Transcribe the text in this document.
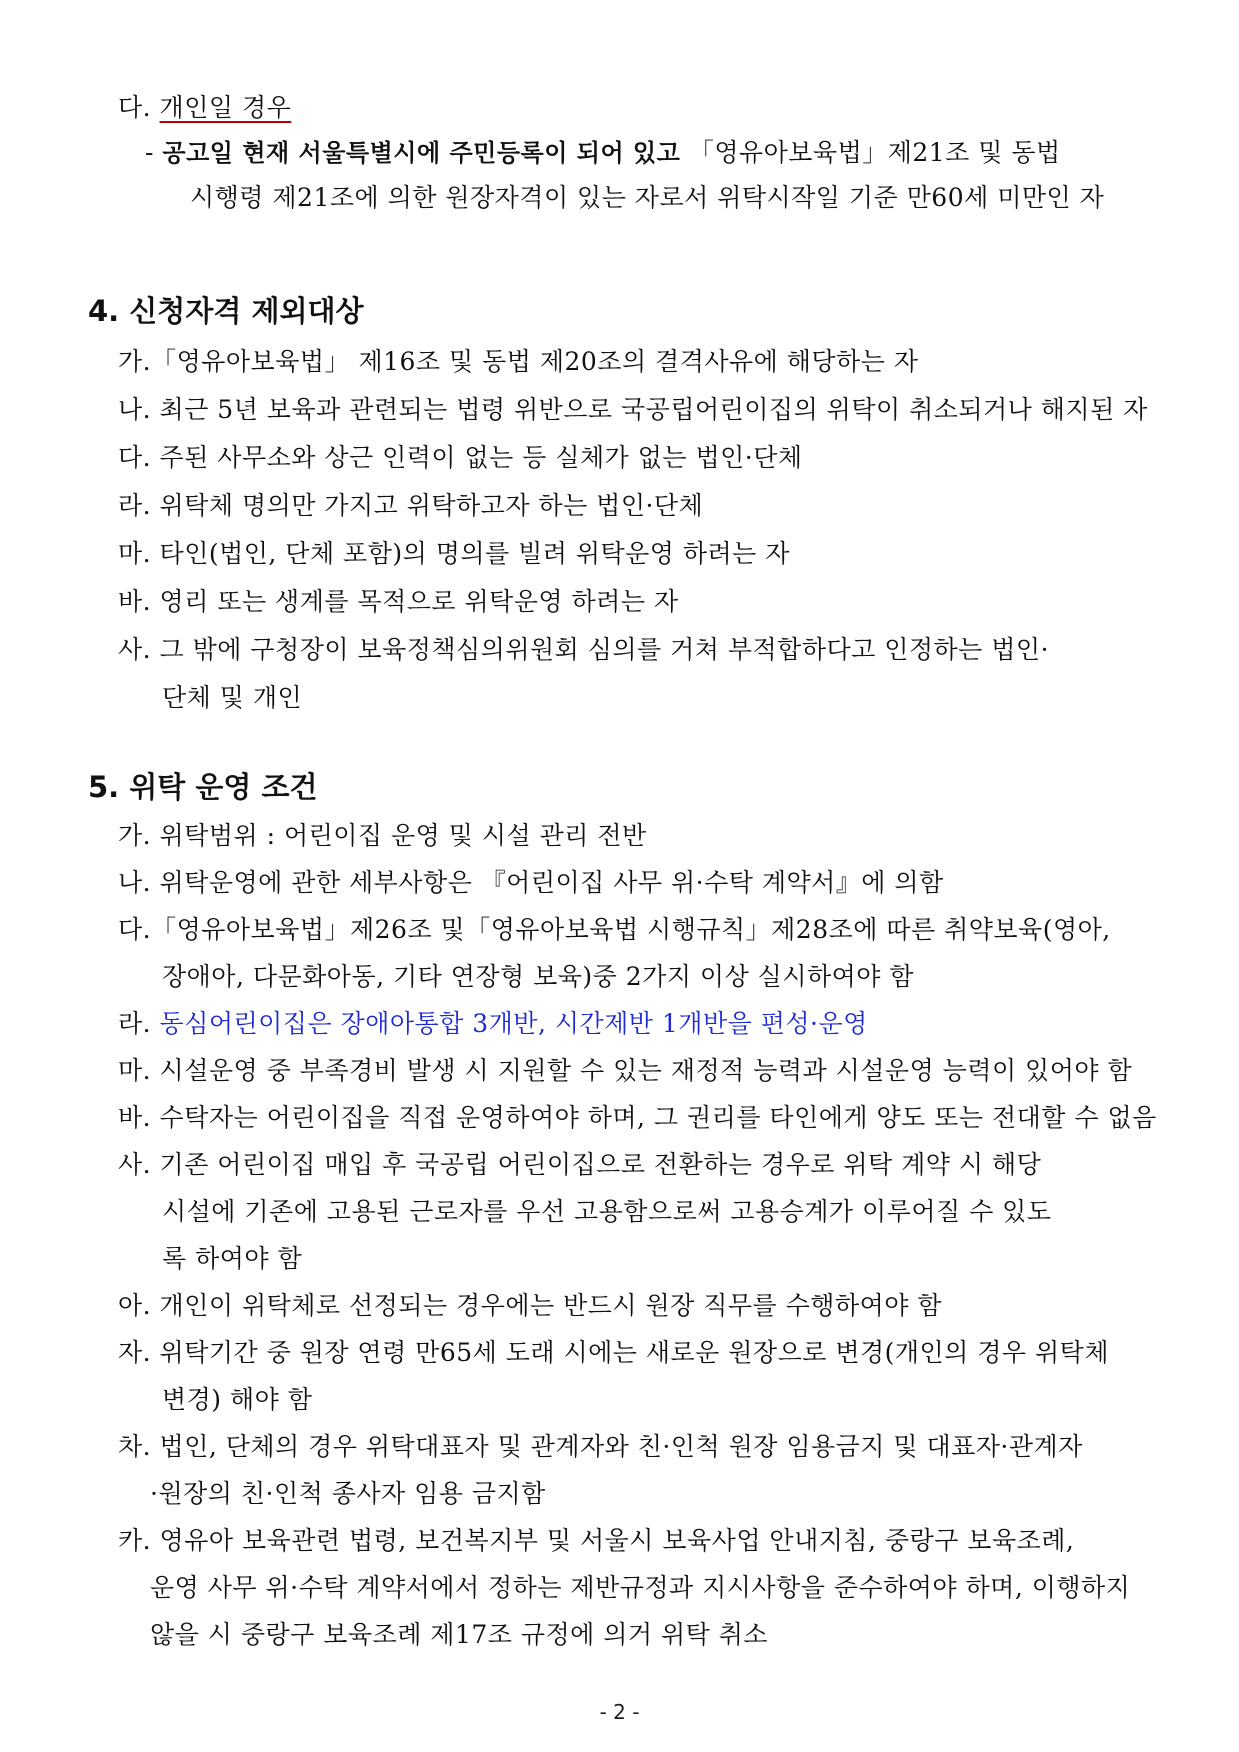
다. 개인일 경우
- 공고일 현재 서울특별시에 주민등록이 되어 있고 「영유아보육법」제21조 및 동법
시행령 제21조에 의한 원장자격이 있는 자로서 위탁시작일 기준 만60세 미만인 자
4. 신청자격 제외대상
가.「영유아보육법」 제16조 및 동법 제20조의 결격사유에 해당하는 자
나. 최근 5년 보육과 관련되는 법령 위반으로 국공립어린이집의 위탁이 취소되거나 해지된 자
다. 주된 사무소와 상근 인력이 없는 등 실체가 없는 법인·단체
라. 위탁체 명의만 가지고 위탁하고자 하는 법인·단체
마. 타인(법인, 단체 포함)의 명의를 빌려 위탁운영 하려는 자
바. 영리 또는 생계를 목적으로 위탁운영 하려는 자
사. 그 밖에 구청장이 보육정책심의위원회 심의를 거쳐 부적합하다고 인정하는 법인·
단체 및 개인
5. 위탁 운영 조건
가. 위탁범위 : 어린이집 운영 및 시설 관리 전반
나. 위탁운영에 관한 세부사항은 『어린이집 사무 위·수탁 계약서』에 의함
다.「영유아보육법」제26조 및「영유아보육법 시행규칙」제28조에 따른 취약보육(영아,
장애아, 다문화아동, 기타 연장형 보육)중 2가지 이상 실시하여야 함
라. 동심어린이집은 장애아통합 3개반, 시간제반 1개반을 편성·운영
마. 시설운영 중 부족경비 발생 시 지원할 수 있는 재정적 능력과 시설운영 능력이 있어야 함
바. 수탁자는 어린이집을 직접 운영하여야 하며, 그 권리를 타인에게 양도 또는 전대할 수 없음
사. 기존 어린이집 매입 후 국공립 어린이집으로 전환하는 경우로 위탁 계약 시 해당
시설에 기존에 고용된 근로자를 우선 고용함으로써 고용승계가 이루어질 수 있도
록 하여야 함
아. 개인이 위탁체로 선정되는 경우에는 반드시 원장 직무를 수행하여야 함
자. 위탁기간 중 원장 연령 만65세 도래 시에는 새로운 원장으로 변경(개인의 경우 위탁체
변경) 해야 함
차. 법인, 단체의 경우 위탁대표자 및 관계자와 친·인척 원장 임용금지 및 대표자·관계자
·원장의 친·인척 종사자 임용 금지함
카. 영유아 보육관련 법령, 보건복지부 및 서울시 보육사업 안내지침, 중랑구 보육조례,
운영 사무 위·수탁 계약서에서 정하는 제반규정과 지시사항을 준수하여야 하며, 이행하지
않을 시 중랑구 보육조례 제17조 규정에 의거 위탁 취소
- 2 -
